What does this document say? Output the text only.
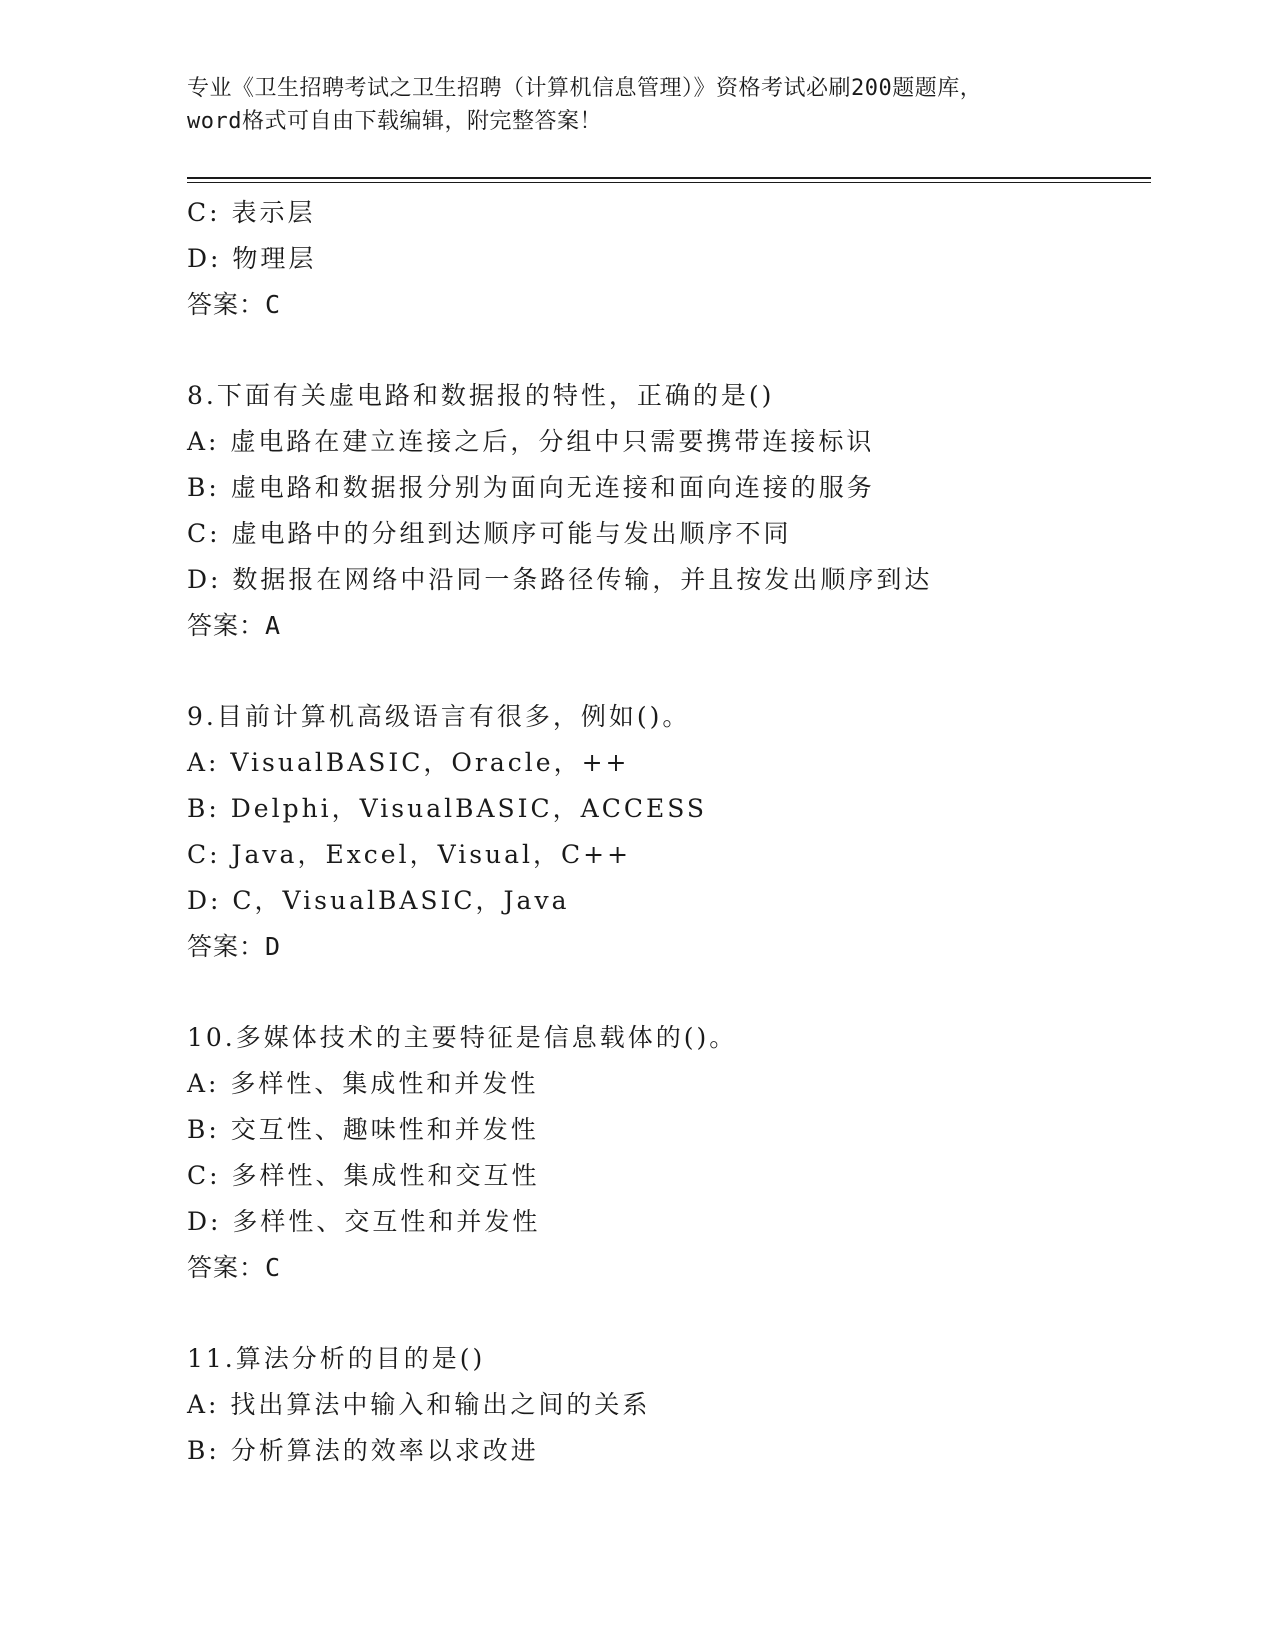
专业《卫生招聘考试之卫生招聘（计算机信息管理）》资格考试必刷200题题库，
word格式可自由下载编辑，附完整答案！
C: 表示层
D: 物理层
答案：C
8.下面有关虚电路和数据报的特性，正确的是()
A: 虚电路在建立连接之后，分组中只需要携带连接标识
B: 虚电路和数据报分别为面向无连接和面向连接的服务
C: 虚电路中的分组到达顺序可能与发出顺序不同
D: 数据报在网络中沿同一条路径传输，并且按发出顺序到达
答案：A
9.目前计算机高级语言有很多，例如()。
A: VisualBASIC，Oracle，++
B: Delphi，VisualBASIC，ACCESS
C: Java，Excel，Visual，C++
D: C，VisualBASIC，Java
答案：D
10.多媒体技术的主要特征是信息载体的()。
A: 多样性、集成性和并发性
B: 交互性、趣味性和并发性
C: 多样性、集成性和交互性
D: 多样性、交互性和并发性
答案：C
11.算法分析的目的是()
A: 找出算法中输入和输出之间的关系
B: 分析算法的效率以求改进
